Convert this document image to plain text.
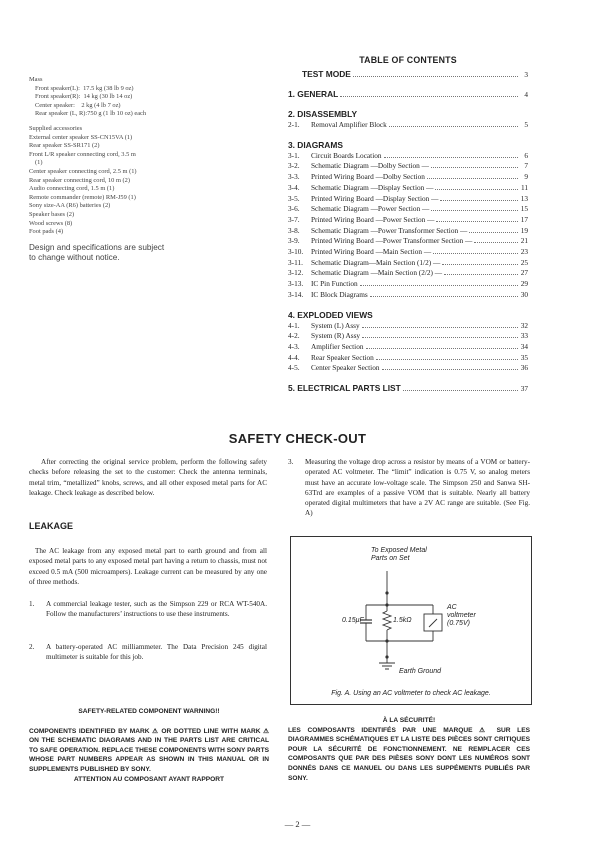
Mass
Front speaker(L): 17.5 kg (38 lb 9 oz)
Front speaker(R): 14 kg (30 lb 14 oz)
Center speaker: 2 kg (4 lb 7 oz)
Rear speaker (L, R):750 g (1 lb 10 oz) each
Supplied accessories
External center speaker SS-CN15VA (1)
Rear speaker SS-SR171 (2)
Front L/R speaker connecting cord, 3.5 m
(1)
Center speaker connecting cord, 2.5 m (1)
Rear speaker connecting cord, 10 m (2)
Audio connecting cord, 1.5 m (1)
Remote commander (remote) RM-J59 (1)
Sony size-AA (R6) batteries (2)
Speaker bases (2)
Wood screws (8)
Foot pads (4)
Design and specifications are subject
to change without notice.
TABLE OF CONTENTS
TEST MODE	3
1. GENERAL	4
2. DISASSEMBLY
2-1.	Removal Amplifier Block	5
3. DIAGRAMS
3-1.	Circuit Boards Location	6
3-2.	Schematic Diagram —Dolby Section —	7
3-3.	Printed Wiring Board —Dolby Section	9
3-4.	Schematic Diagram —Display Section —	11
3-5.	Printed Wiring Board —Display Section —	13
3-6.	Schematic Diagram —Power Section —	15
3-7.	Printed Wiring Board —Power Section —	17
3-8.	Schematic Diagram —Power Transformer Section —	19
3-9.	Printed Wiring Board —Power Transformer Section —	21
3-10.	Printed Wiring Board —Main Section —	23
3-11.	Schematic Diagram—Main Section (1/2) —	25
3-12.	Schematic Diagram —Main Section (2/2) —	27
3-13.	IC Pin Function	29
3-14.	IC Block Diagrams	30
4. EXPLODED VIEWS
4-1.	System (L) Assy	32
4-2.	System (R) Assy	33
4-3.	Amplifier Section	34
4-4.	Rear Speaker Section	35
4-5.	Center Speaker Section	36
5. ELECTRICAL PARTS LIST	37
SAFETY CHECK-OUT
After correcting the original service problem, perform the following safety checks before releasing the set to the customer: Check the antenna terminals, metal trim, “metallized” knobs, screws, and all other exposed metal parts for AC leakage. Check leakage as described below.
LEAKAGE
The AC leakage from any exposed metal part to earth ground and from all exposed metal parts to any exposed metal part having a return to chassis, must not exceed 0.5 mA (500 microampers). Leakage current can be measured by any one of three methods.
1.	A commercial leakage tester, such as the Simpson 229 or RCA WT-540A. Follow the manufacturers’ instructions to use these instruments.
2.	A battery-operated AC milliammeter. The Data Precision 245 digital multimeter is suitable for this job.
3.	Measuring the voltage drop across a resistor by means of a VOM or battery-operated AC voltmeter. The “limit” indication is 0.75 V, so analog meters must have an accurate low-voltage scale. The Simpson 250 and Sanwa SH-63Trd are examples of a passive VOM that is suitable. Nearly all battery operated digital multimeters that have a 2V AC range are suitable. (See Fig. A)
To Exposed Metal
Parts on Set
0.15μF	1.5kΩ
AC
voltmeter
(0.75V)
Earth Ground
Fig. A. Using an AC voltmeter to check AC leakage.
SAFETY-RELATED COMPONENT WARNING!!
COMPONENTS IDENTIFIED BY MARK ⚠ OR DOTTED LINE WITH MARK ⚠ ON THE SCHEMATIC DIAGRAMS AND IN THE PARTS LIST ARE CRITICAL TO SAFE OPERATION. REPLACE THESE COMPONENTS WITH SONY PARTS WHOSE PART NUMBERS APPEAR AS SHOWN IN THIS MANUAL OR IN SUPPLEMENTS PUBLISHED BY SONY.
ATTENTION AU COMPOSANT AYANT RAPPORT
À LA SÉCURITÉ!
LES COMPOSANTS IDENTIFÉS PAR UNE MARQUE ⚠ SUR LES DIAGRAMMES SCHÉMATIQUES ET LA LISTE DES PIÈCES SONT CRITIQUES POUR LA SÉCURITÉ DE FONCTIONNEMENT. NE REMPLACER CES COMPOSANTS QUE PAR DES PIÈSES SONY DONT LES NUMÉROS SONT DONNÉS DANS CE MANUEL OU DANS LES SUPPÉMENTS PUBLIÉS PAR SONY.
— 2 —
